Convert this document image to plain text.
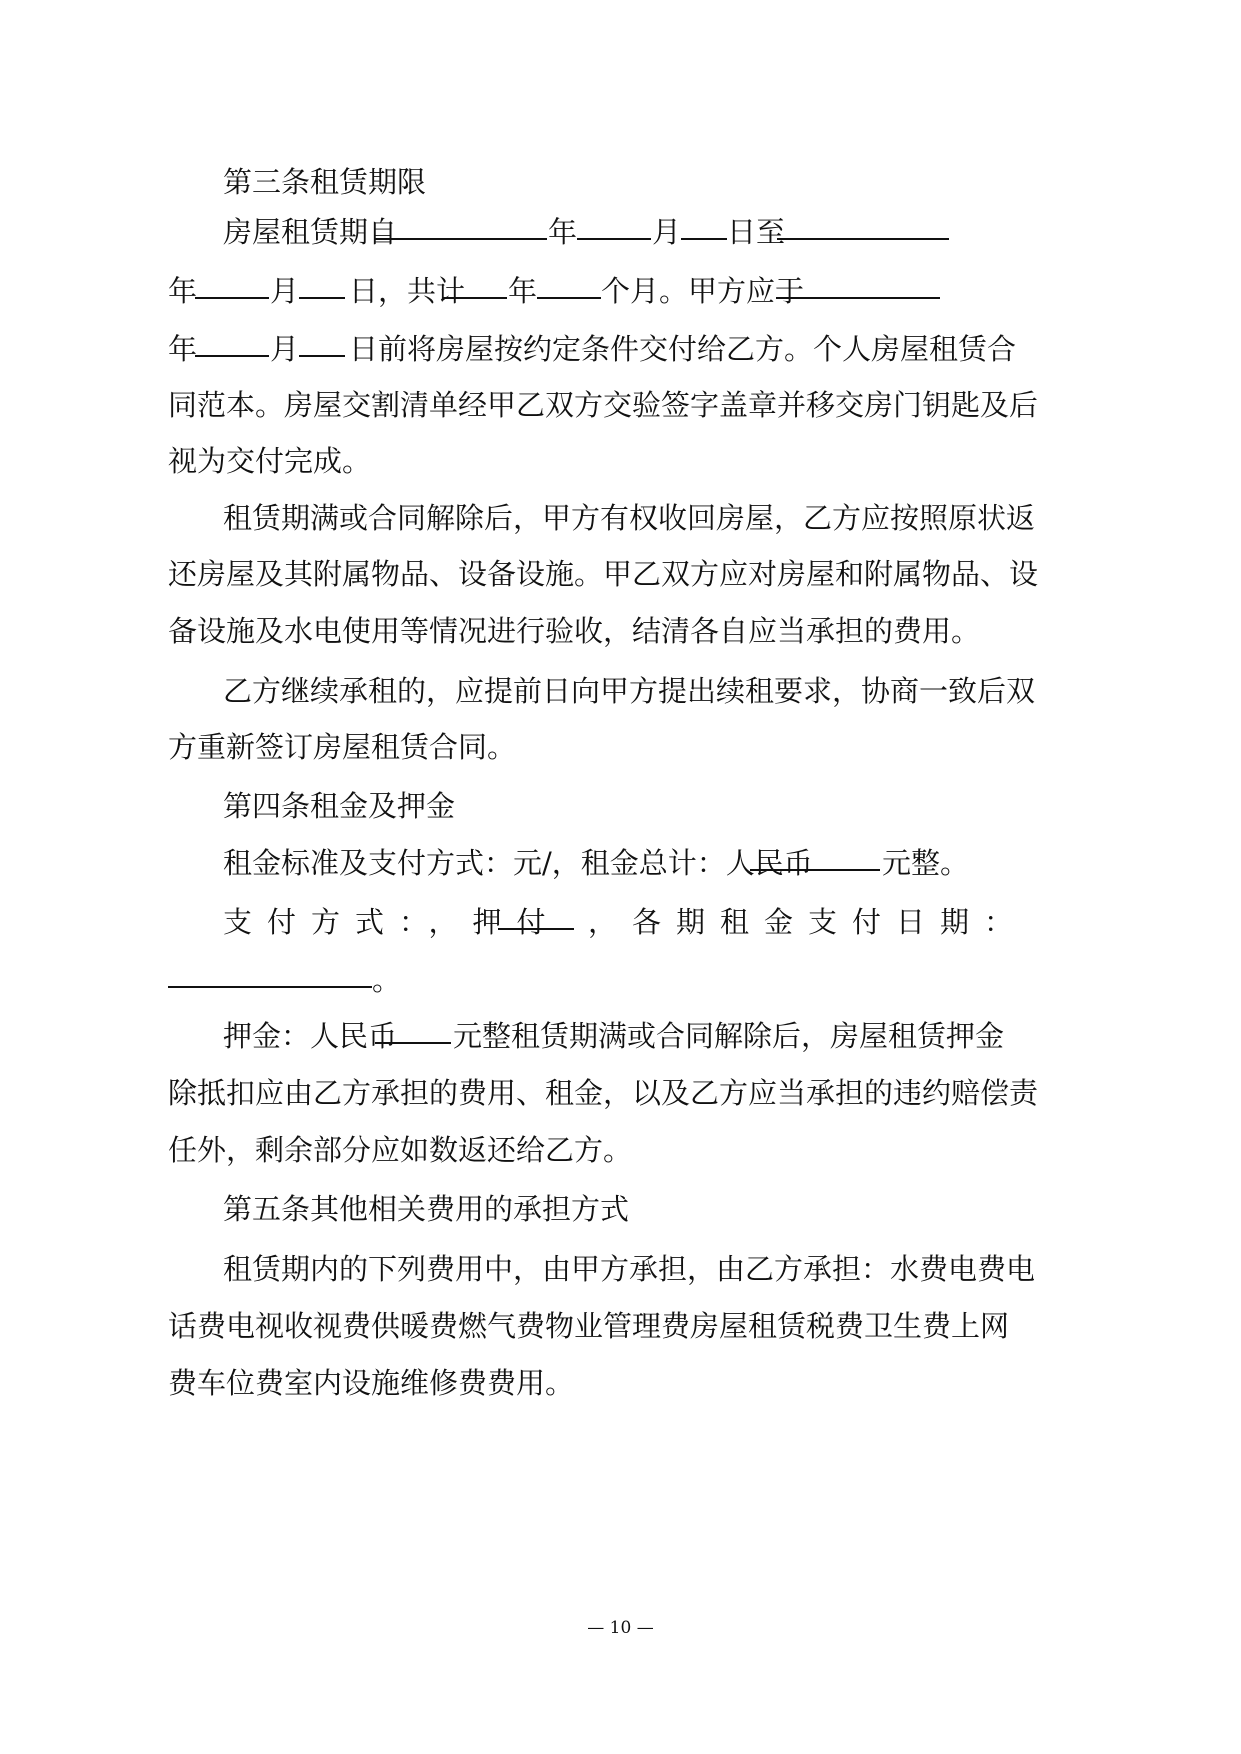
第三条租赁期限
房屋租赁期自	年	月 日至
年	月 日，共计 年 个月。甲方应于
年	月 日前将房屋按约定条件交付给乙方。个人房屋租赁合
同范本。房屋交割清单经甲乙双方交验签字盖章并移交房门钥匙及后
视为交付完成。
租赁期满或合同解除后，甲方有权收回房屋，乙方应按照原状返
还房屋及其附属物品、设备设施。甲乙双方应对房屋和附属物品、设
备设施及水电使用等情况进行验收，结清各自应当承担的费用。
乙方继续承租的，应提前日向甲方提出续租要求，协商一致后双
方重新签订房屋租赁合同。
第四条租金及押金
租金标准及支付方式：元/，租金总计：人民币 元整。
支付方式：，押付 ，各期租金支付日期：
。
押金：人民币 元整租赁期满或合同解除后，房屋租赁押金
除抵扣应由乙方承担的费用、租金，以及乙方应当承担的违约赔偿责
任外，剩余部分应如数返还给乙方。
第五条其他相关费用的承担方式
租赁期内的下列费用中，由甲方承担，由乙方承担：水费电费电
话费电视收视费供暖费燃气费物业管理费房屋租赁税费卫生费上网
费车位费室内设施维修费费用。
— 10 —
